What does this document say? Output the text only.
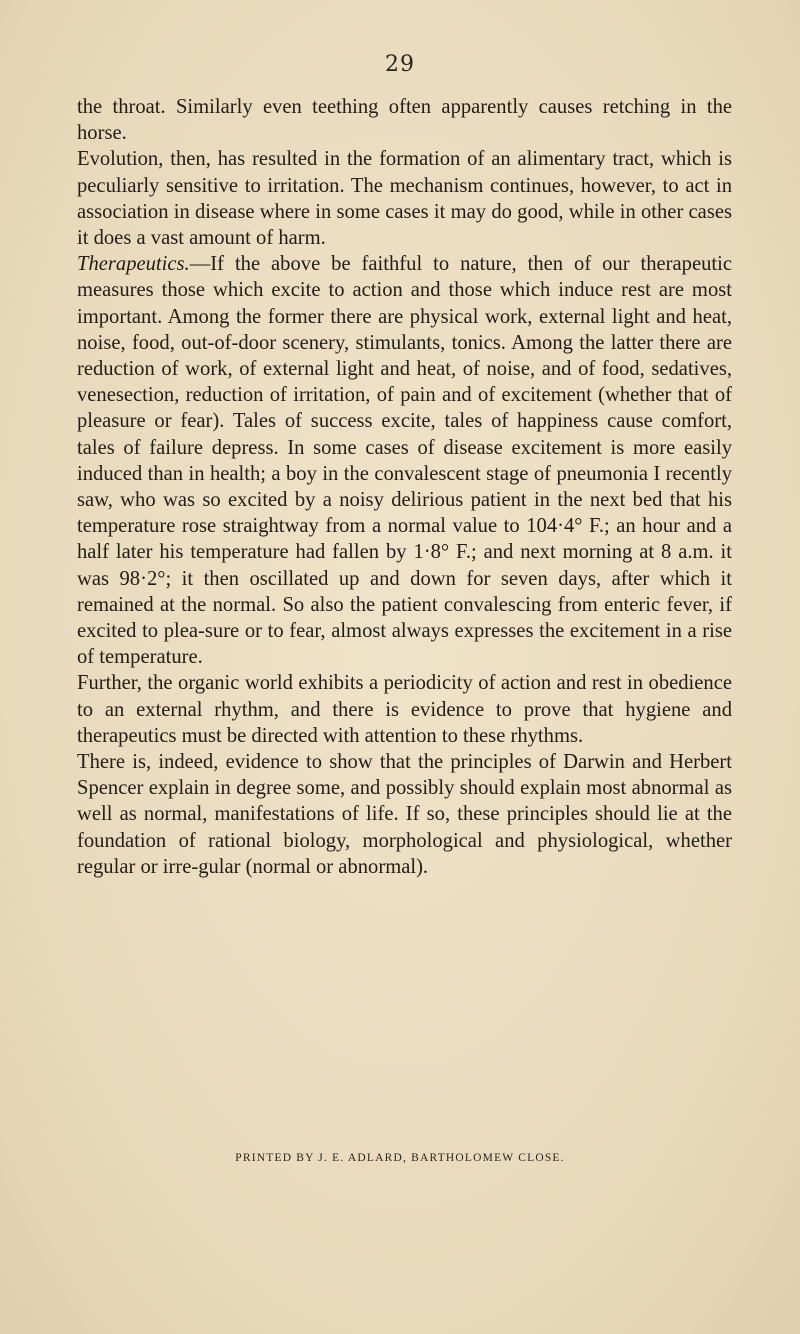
29

the throat. Similarly even teething often apparently causes retching in the horse.

Evolution, then, has resulted in the formation of an alimentary tract, which is peculiarly sensitive to irritation. The mechanism continues, however, to act in association in disease where in some cases it may do good, while in other cases it does a vast amount of harm.

Therapeutics.—If the above be faithful to nature, then of our therapeutic measures those which excite to action and those which induce rest are most important. Among the former there are physical work, external light and heat, noise, food, out-of-door scenery, stimulants, tonics. Among the latter there are reduction of work, of external light and heat, of noise, and of food, sedatives, venesection, reduction of irritation, of pain and of excitement (whether that of pleasure or fear). Tales of success excite, tales of happiness cause comfort, tales of failure depress. In some cases of disease excitement is more easily induced than in health; a boy in the convalescent stage of pneumonia I recently saw, who was so excited by a noisy delirious patient in the next bed that his temperature rose straightway from a normal value to 104·4° F.; an hour and a half later his temperature had fallen by 1·8° F.; and next morning at 8 a.m. it was 98·2°; it then oscillated up and down for seven days, after which it remained at the normal. So also the patient convalescing from enteric fever, if excited to plea-sure or to fear, almost always expresses the excitement in a rise of temperature.

Further, the organic world exhibits a periodicity of action and rest in obedience to an external rhythm, and there is evidence to prove that hygiene and therapeutics must be directed with attention to these rhythms.

There is, indeed, evidence to show that the principles of Darwin and Herbert Spencer explain in degree some, and possibly should explain most abnormal as well as normal, manifestations of life. If so, these principles should lie at the foundation of rational biology, morphological and physiological, whether regular or irre-gular (normal or abnormal).

PRINTED BY J. E. ADLARD, BARTHOLOMEW CLOSE.
